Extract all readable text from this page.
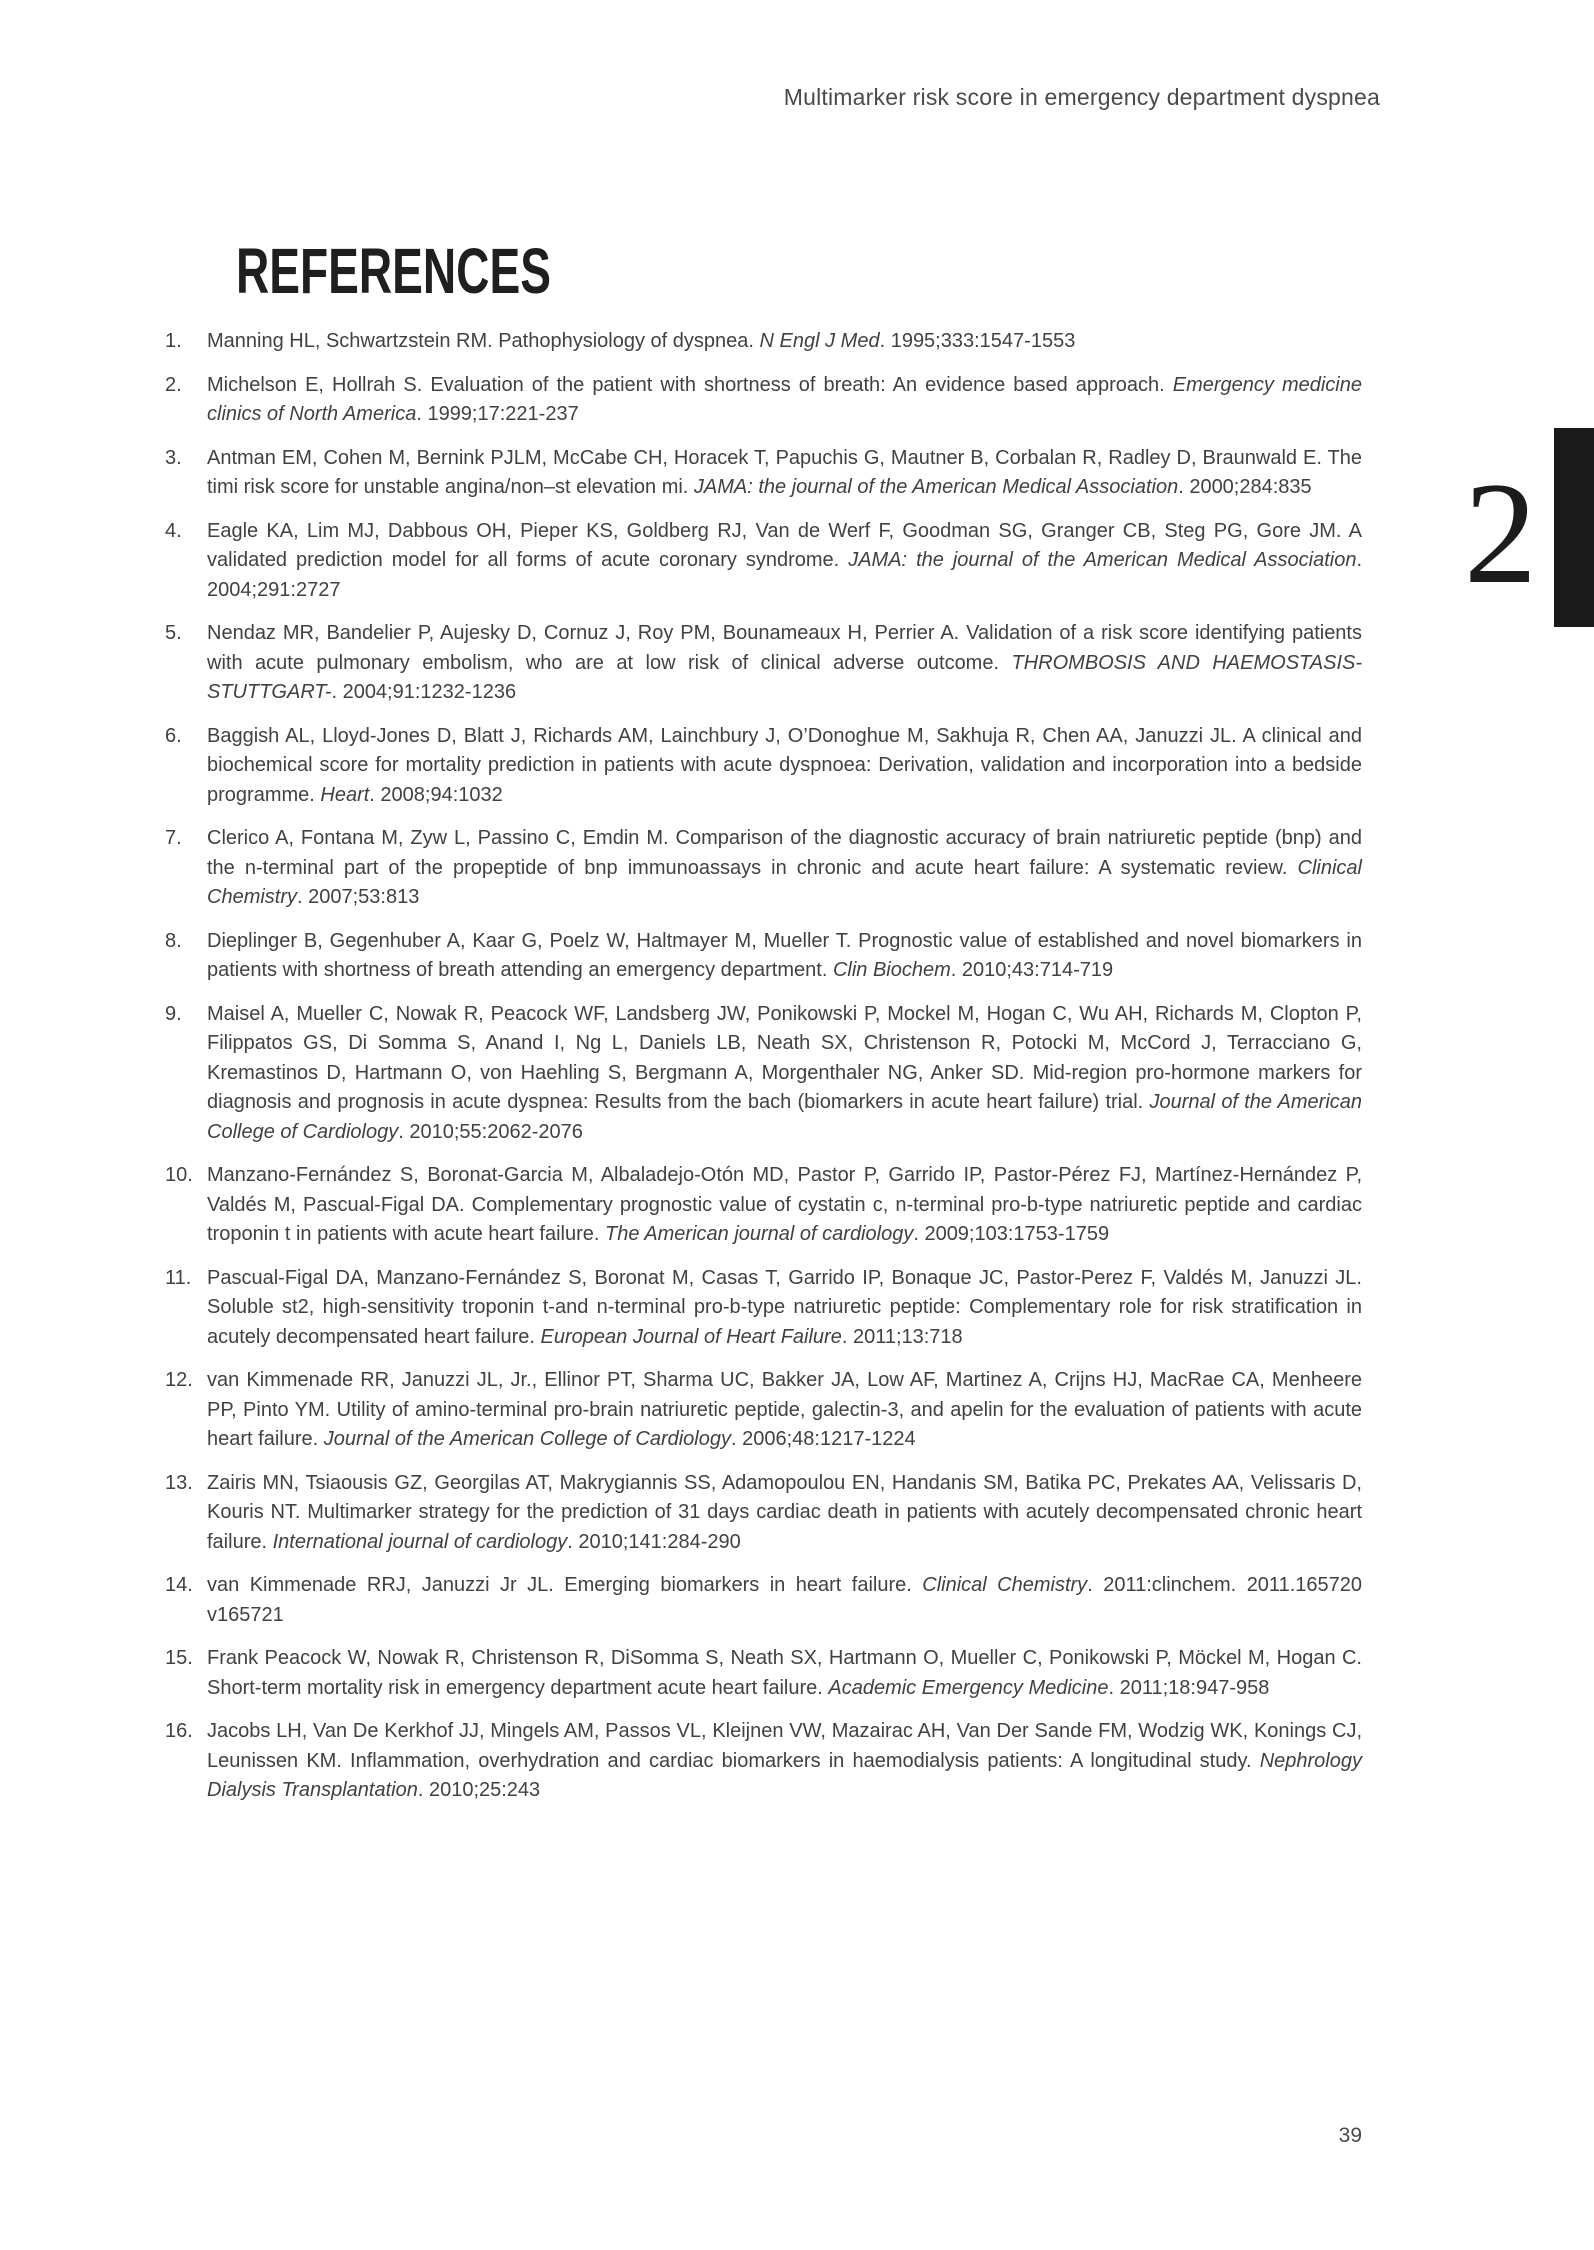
Multimarker risk score in emergency department dyspnea
REFERENCES
1.	Manning HL, Schwartzstein RM. Pathophysiology of dyspnea. N Engl J Med. 1995;333:1547-1553
2.	Michelson E, Hollrah S. Evaluation of the patient with shortness of breath: An evidence based approach. Emergency medicine clinics of North America. 1999;17:221-237
3.	Antman EM, Cohen M, Bernink PJLM, McCabe CH, Horacek T, Papuchis G, Mautner B, Corbalan R, Radley D, Braunwald E. The timi risk score for unstable angina/non–st elevation mi. JAMA: the journal of the American Medical Association. 2000;284:835
4.	Eagle KA, Lim MJ, Dabbous OH, Pieper KS, Goldberg RJ, Van de Werf F, Goodman SG, Granger CB, Steg PG, Gore JM. A validated prediction model for all forms of acute coronary syndrome. JAMA: the journal of the American Medical Association. 2004;291:2727
5.	Nendaz MR, Bandelier P, Aujesky D, Cornuz J, Roy PM, Bounameaux H, Perrier A. Validation of a risk score identifying patients with acute pulmonary embolism, who are at low risk of clinical adverse outcome. THROMBOSIS AND HAEMOSTASIS-STUTTGART-. 2004;91:1232-1236
6.	Baggish AL, Lloyd-Jones D, Blatt J, Richards AM, Lainchbury J, O’Donoghue M, Sakhuja R, Chen AA, Januzzi JL. A clinical and biochemical score for mortality prediction in patients with acute dyspnoea: Derivation, validation and incorporation into a bedside programme. Heart. 2008;94:1032
7.	Clerico A, Fontana M, Zyw L, Passino C, Emdin M. Comparison of the diagnostic accuracy of brain natriuretic peptide (bnp) and the n-terminal part of the propeptide of bnp immunoassays in chronic and acute heart failure: A systematic review. Clinical Chemistry. 2007;53:813
8.	Dieplinger B, Gegenhuber A, Kaar G, Poelz W, Haltmayer M, Mueller T. Prognostic value of established and novel biomarkers in patients with shortness of breath attending an emergency department. Clin Biochem. 2010;43:714-719
9.	Maisel A, Mueller C, Nowak R, Peacock WF, Landsberg JW, Ponikowski P, Mockel M, Hogan C, Wu AH, Richards M, Clopton P, Filippatos GS, Di Somma S, Anand I, Ng L, Daniels LB, Neath SX, Christenson R, Potocki M, McCord J, Terracciano G, Kremastinos D, Hartmann O, von Haehling S, Bergmann A, Morgenthaler NG, Anker SD. Mid-region pro-hormone markers for diagnosis and prognosis in acute dyspnea: Results from the bach (biomarkers in acute heart failure) trial. Journal of the American College of Cardiology. 2010;55:2062-2076
10. Manzano-Fernández S, Boronat-Garcia M, Albaladejo-Otón MD, Pastor P, Garrido IP, Pastor-Pérez FJ, Martínez-Hernández P, Valdés M, Pascual-Figal DA. Complementary prognostic value of cystatin c, n-terminal pro-b-type natriuretic peptide and cardiac troponin t in patients with acute heart failure. The American journal of cardiology. 2009;103:1753-1759
11. Pascual-Figal DA, Manzano-Fernández S, Boronat M, Casas T, Garrido IP, Bonaque JC, Pastor-Perez F, Valdés M, Januzzi JL. Soluble st2, high-sensitivity troponin t-and n-terminal pro-b-type natriuretic peptide: Complementary role for risk stratification in acutely decompensated heart failure. European Journal of Heart Failure. 2011;13:718
12. van Kimmenade RR, Januzzi JL, Jr., Ellinor PT, Sharma UC, Bakker JA, Low AF, Martinez A, Crijns HJ, MacRae CA, Menheere PP, Pinto YM. Utility of amino-terminal pro-brain natriuretic peptide, galectin-3, and apelin for the evaluation of patients with acute heart failure. Journal of the American College of Cardiology. 2006;48:1217-1224
13. Zairis MN, Tsiaousis GZ, Georgilas AT, Makrygiannis SS, Adamopoulou EN, Handanis SM, Batika PC, Prekates AA, Velissaris D, Kouris NT. Multimarker strategy for the prediction of 31 days cardiac death in patients with acutely decompensated chronic heart failure. International journal of cardiology. 2010;141:284-290
14. van Kimmenade RRJ, Januzzi Jr JL. Emerging biomarkers in heart failure. Clinical Chemistry. 2011:clinchem. 2011.165720 v165721
15. Frank Peacock W, Nowak R, Christenson R, DiSomma S, Neath SX, Hartmann O, Mueller C, Ponikowski P, Möckel M, Hogan C. Short-term mortality risk in emergency department acute heart failure. Academic Emergency Medicine. 2011;18:947-958
16. Jacobs LH, Van De Kerkhof JJ, Mingels AM, Passos VL, Kleijnen VW, Mazairac AH, Van Der Sande FM, Wodzig WK, Konings CJ, Leunissen KM. Inflammation, overhydration and cardiac biomarkers in haemodialysis patients: A longitudinal study. Nephrology Dialysis Transplantation. 2010;25:243
2
39
